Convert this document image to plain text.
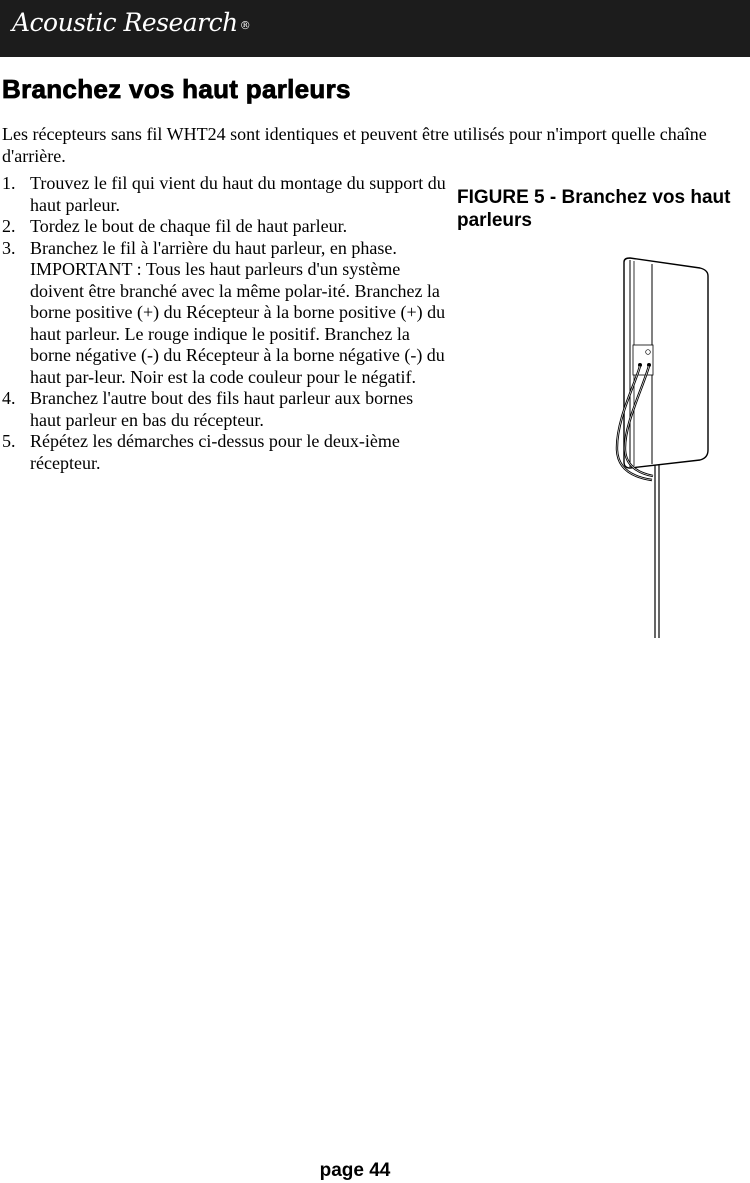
Acoustic Research ®
Branchez vos haut parleurs

Les récepteurs sans fil WHT24 sont identiques et peuvent être utilisés pour n'import quelle chaîne d'arrière.

1. Trouvez le fil qui vient du haut du montage du support du haut parleur.
2. Tordez le bout de chaque fil de haut parleur.
3. Branchez le fil à l'arrière du haut parleur, en phase. IMPORTANT : Tous les haut parleurs d'un système doivent être branché avec la même polar-ité. Branchez la borne positive (+) du Récepteur à la borne positive (+) du haut parleur. Le rouge indique le positif. Branchez la borne négative (-) du Récepteur à la borne négative (-) du haut par-leur. Noir est la code couleur pour le négatif.
4. Branchez l'autre bout des fils haut parleur aux bornes haut parleur en bas du récepteur.
5. Répétez les démarches ci-dessus pour le deux-ième récepteur.

FIGURE 5 - Branchez vos haut parleurs

page 44
